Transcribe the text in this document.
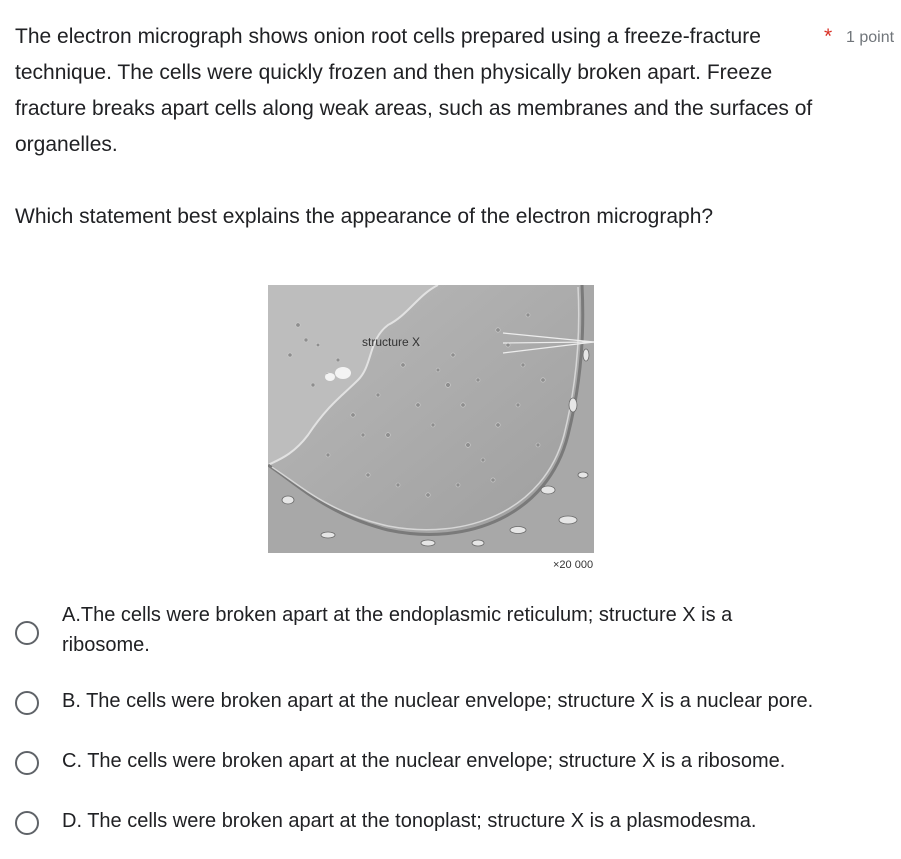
The electron micrograph shows onion root cells prepared using a freeze-fracture technique. The cells were quickly frozen and then physically broken apart. Freeze fracture breaks apart cells along weak areas, such as membranes and the surfaces of organelles.

Which statement best explains the appearance of the electron micrograph?

* 1 point
structure X
×20 000
A.The cells were broken apart at the endoplasmic reticulum; structure X is a ribosome.
B. The cells were broken apart at the nuclear envelope; structure X is a nuclear pore.
C. The cells were broken apart at the nuclear envelope; structure X is a ribosome.
D. The cells were broken apart at the tonoplast; structure X is a plasmodesma.
